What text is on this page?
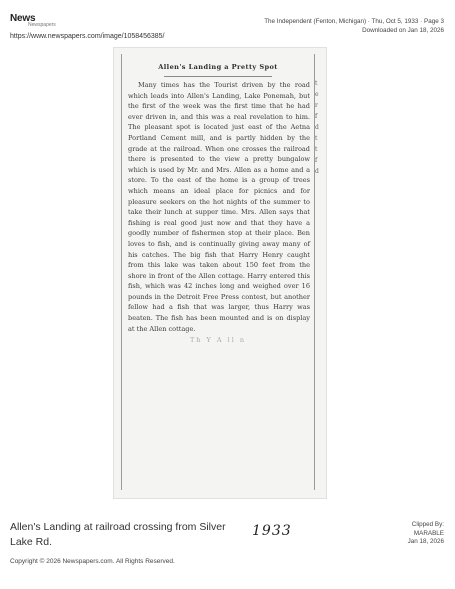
News
Newspapers
https://www.newspapers.com/image/1058456385/
The Independent (Fenton, Michigan) · Thu, Oct 5, 1933 · Page 3
Downloaded on Jan 18, 2026
Allen's Landing a Pretty Spot
Many times has the Tourist driven by the road which leads into Allen's Landing, Lake Ponemah, but the first of the week was the first time that he had ever driven in, and this was a real revelation to him. The pleasant spot is located just east of the Aetna Portland Cement mill, and is partly hidden by the grade at the railroad. When one crosses the railroad there is presented to the view a pretty bungalow which is used by Mr. and Mrs. Allen as a home and a store. To the east of the home is a group of trees which means an ideal place for picnics and for pleasure seekers on the hot nights of the summer to take their lunch at supper time. Mrs. Allen says that fishing is real good just now and that they have a goodly number of fishermen stop at their place. Ben loves to fish, and is continually giving away many of his catches. The big fish that Harry Henry caught from this lake was taken about 150 feet from the shore in front of the Allen cottage. Harry entered this fish, which was 42 inches long and weighed over 16 pounds in the Detroit Free Press contest, but another fellow had a fish that was larger, thus Harry was beaten. The fish has been mounted and is on display at the Allen cottage.
Th Y A ll n
t
e
r
f
d
t
t
f
d
Allen's Landing at railroad crossing from Silver Lake Rd.
1933	Clipped By:
MARABLE
Jan 18, 2026
Copyright © 2026 Newspapers.com. All Rights Reserved.
